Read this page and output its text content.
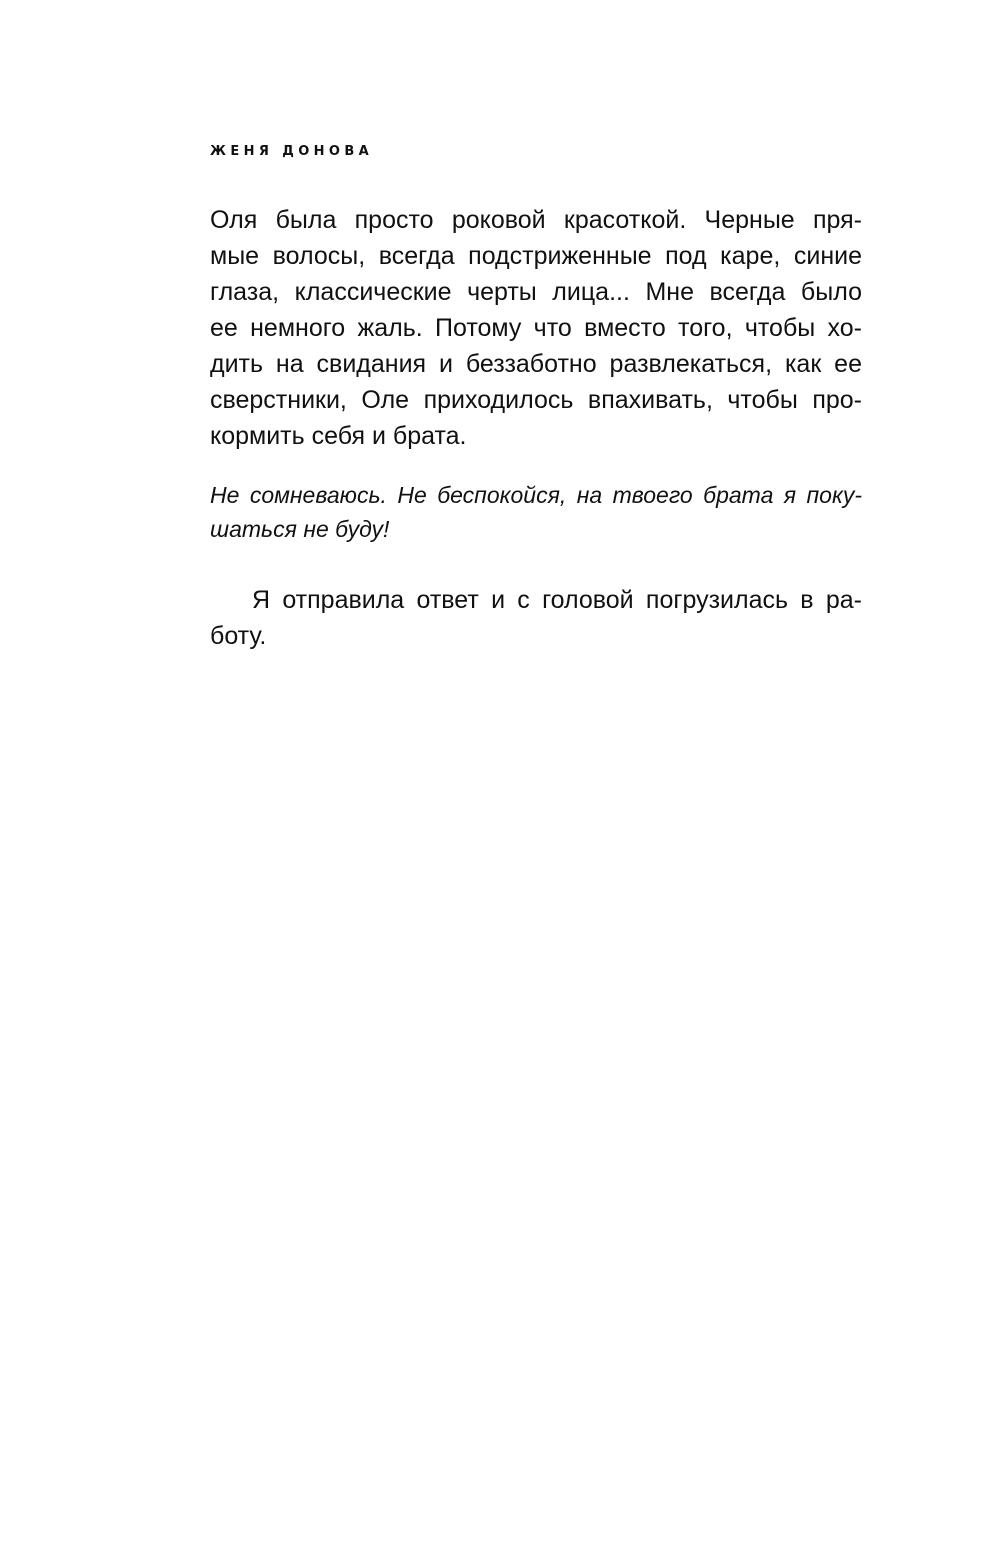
ЖЕНЯ ДОНОВА
Оля была просто роковой красоткой. Черные пря-
мые волосы, всегда подстриженные под каре, синие
глаза, классические черты лица... Мне всегда было
ее немного жаль. Потому что вместо того, чтобы хо-
дить на свидания и беззаботно развлекаться, как ее
сверстники, Оле приходилось впахивать, чтобы про-
кормить себя и брата.
Не сомневаюсь. Не беспокойся, на твоего брата я поку-
шаться не буду!
Я отправила ответ и с головой погрузилась в ра-
боту.
